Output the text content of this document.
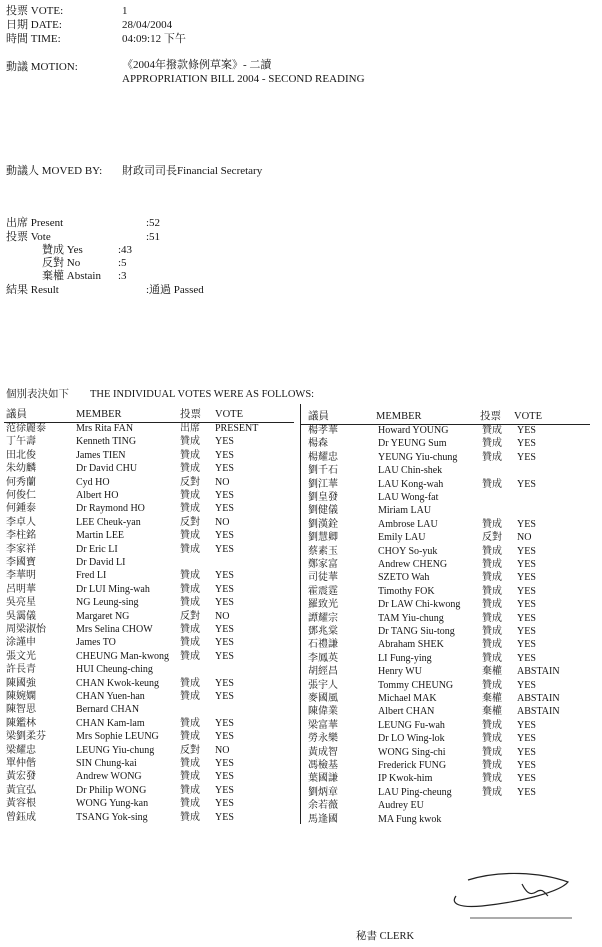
投票 VOTE:	1
日期 DATE:	28/04/2004
時間 TIME:	04:09:12 下午
動議 MOTION:	《2004年撥款條例草案》- 二讀
APPROPRIATION BILL 2004 - SECOND READING
動議人 MOVED BY: 財政司司長Financial Secretary
出席 Present	:52
投票 Vote	:51
贊成 Yes	:43
反對 No	:5
棄權 Abstain :3
結果 Result	:通過 Passed
個別表決如下 THE INDIVIDUAL VOTES WERE AS FOLLOWS:
議員	MEMBER	投票 VOTE	議員	MEMBER	投票 VOTE
范徐麗泰	Mrs Rita FAN	出席 PRESENT
丁午壽	Kenneth TING	贊成 YES
田北俊	James TIEN	贊成 YES
朱幼麟	Dr David CHU	贊成 YES
何秀蘭	Cyd HO	反對 NO
何俊仁	Albert HO	贊成 YES
何鍾泰	Dr Raymond HO	贊成 YES
李卓人	LEE Cheuk-yan	反對 NO
李柱銘	Martin LEE	贊成 YES
李家祥	Dr Eric LI	贊成 YES
李國寶	Dr David LI
李華明	Fred LI	贊成 YES
呂明華	Dr LUI Ming-wah	贊成 YES
吳亮星	NG Leung-sing	贊成 YES
吳靄儀	Margaret NG	反對 NO
周梁淑怡	Mrs Selina CHOW	贊成 YES
涂謹申	James TO	贊成 YES
張文光	CHEUNG Man-kwong 贊成 YES
許長青	HUI Cheung-ching
陳國強	CHAN Kwok-keung 贊成 YES
陳婉嫻	CHAN Yuen-han	贊成 YES
陳智思	Bernard CHAN
陳鑑林	CHAN Kam-lam	贊成 YES
梁劉柔芬	Mrs Sophie LEUNG 贊成 YES
梁耀忠	LEUNG Yiu-chung	反對 NO
單仲偕	SIN Chung-kai	贊成 YES
黃宏發	Andrew WONG	贊成 YES
黃宜弘	Dr Philip WONG	贊成 YES
黃容根	WONG Yung-kan	贊成 YES
曾鈺成	TSANG Yok-sing	贊成 YES
楊孝華	Howard YOUNG	贊成 YES
楊森	Dr YEUNG Sum	贊成 YES
楊耀忠	YEUNG Yiu-chung 贊成 YES
劉千石	LAU Chin-shek
劉江華	LAU Kong-wah	贊成 YES
劉皇發	LAU Wong-fat
劉健儀	Miriam LAU
劉漢銓	Ambrose LAU	贊成 YES
劉慧卿	Emily LAU	反對 NO
蔡素玉	CHOY So-yuk	贊成 YES
鄭家富	Andrew CHENG	贊成 YES
司徒華	SZETO Wah	贊成 YES
霍震霆	Timothy FOK	贊成 YES
羅致光	Dr LAW Chi-kwong 贊成 YES
譚耀宗	TAM Yiu-chung	贊成 YES
鄧兆棠	Dr TANG Siu-tong	贊成 YES
石禮謙	Abraham SHEK	贊成 YES
李鳳英	LI Fung-ying	贊成 YES
胡經昌	Henry WU	棄權 ABSTAIN
張宇人	Tommy CHEUNG	贊成 YES
麥國風	Michael MAK	棄權 ABSTAIN
陳偉業	Albert CHAN	棄權 ABSTAIN
梁富華	LEUNG Fu-wah	贊成 YES
勞永樂	Dr LO Wing-lok	贊成 YES
黃成智	WONG Sing-chi	贊成 YES
馮檢基	Frederick FUNG	贊成 YES
葉國謙	IP Kwok-him	贊成 YES
劉炳章	LAU Ping-cheung	贊成 YES
余若薇	Audrey EU
馬逢國	MA Fung kwok
秘書 CLERK
